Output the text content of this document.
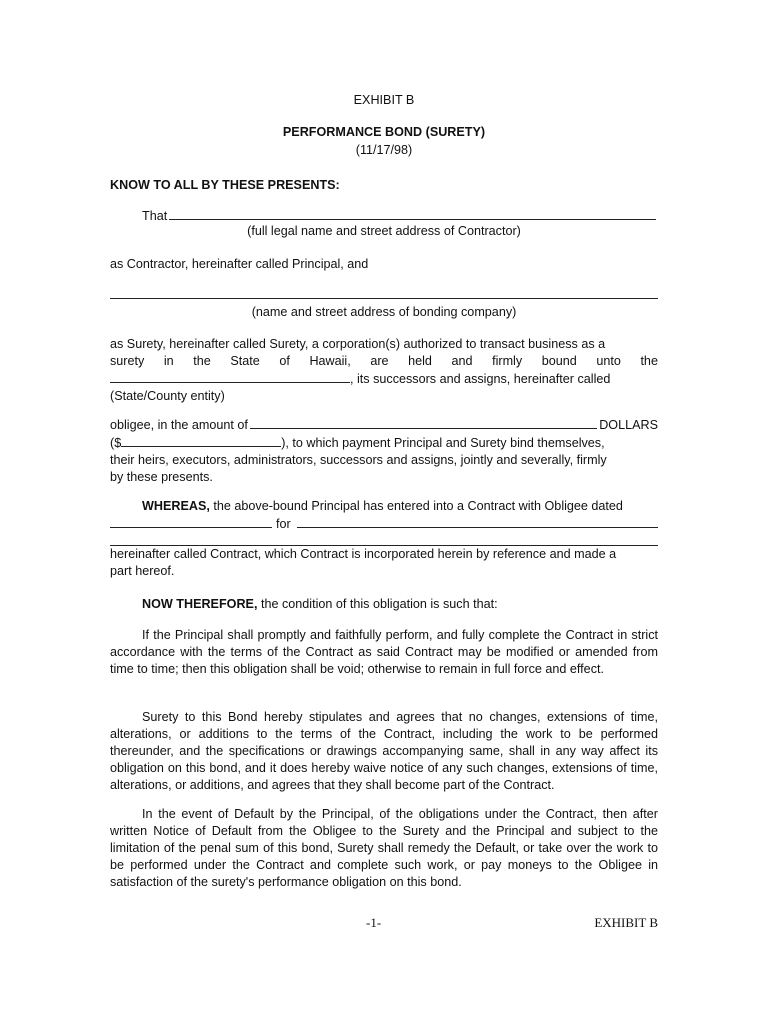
EXHIBIT B
PERFORMANCE BOND (SURETY)
(11/17/98)
KNOW TO ALL BY THESE PRESENTS:
That
(full legal name and street address of Contractor)
as Contractor, hereinafter called Principal, and
(name and street address of bonding company)
as Surety, hereinafter called Surety, a corporation(s) authorized to transact business as a
surety in the State of Hawaii, are held and firmly bound unto the
, its successors and assigns, hereinafter called
(State/County entity)
obligee, in the amount of	DOLLARS
($	), to which payment Principal and Surety bind themselves,
their heirs, executors, administrators, successors and assigns, jointly and severally, firmly
by these presents.
WHEREAS, the above-bound Principal has entered into a Contract with Obligee dated
for
hereinafter called Contract, which Contract is incorporated herein by reference and made a
part hereof.
NOW THEREFORE, the condition of this obligation is such that:
If the Principal shall promptly and faithfully perform, and fully complete the Contract in strict accordance with the terms of the Contract as said Contract may be modified or amended from time to time; then this obligation shall be void; otherwise to remain in full force and effect.
Surety to this Bond hereby stipulates and agrees that no changes, extensions of time, alterations, or additions to the terms of the Contract, including the work to be performed thereunder, and the specifications or drawings accompanying same, shall in any way affect its obligation on this bond, and it does hereby waive notice of any such changes, extensions of time, alterations, or additions, and agrees that they shall become part of the Contract.
In the event of Default by the Principal, of the obligations under the Contract, then after written Notice of Default from the Obligee to the Surety and the Principal and subject to the limitation of the penal sum of this bond, Surety shall remedy the Default, or take over the work to be performed under the Contract and complete such work, or pay moneys to the Obligee in satisfaction of the surety's performance obligation on this bond.
-1-	EXHIBIT B
